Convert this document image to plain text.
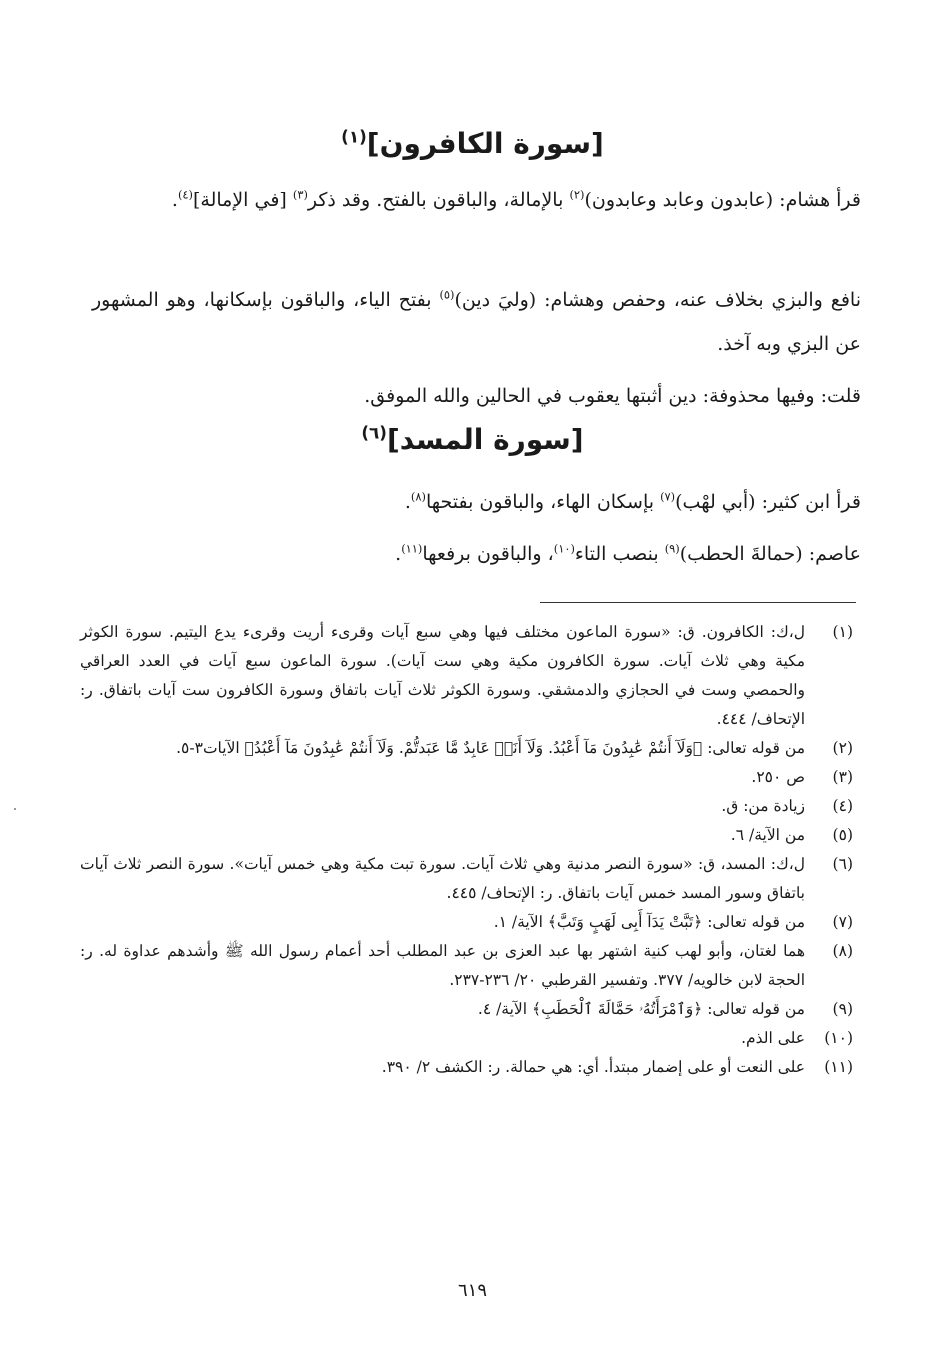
[سورة الكافرون]$^{(١)}$
قرأ هشام: (عابدون وعابد وعابدون)$^{(٢)}$ بالإمالة، والباقون بالفتح. وقد ذكر$^{(٣)}$ [في الإمالة]$^{(٤)}$.
نافع والبزي بخلاف عنه، وحفص وهشام: (وليَ دين)$^{(٥)}$ بفتح الياء، والباقون بإسكانها، وهو المشهور عن البزي وبه آخذ.
قلت: وفيها محذوفة: دين أثبتها يعقوب في الحالين والله الموفق.
[سورة المسد]$^{(٦)}$
قرأ ابن كثير: (أبي لهْب)$^{(٧)}$ بإسكان الهاء، والباقون بفتحها$^{(٨)}$.
عاصم: (حمالةَ الحطب)$^{(٩)}$ بنصب التاء$^{(١٠)}$، والباقون برفعها$^{(١١)}$.
(١)
ل،ك: الكافرون. ق: «سورة الماعون مختلف فيها وهي سبع آيات وقرىء أريت وقرىء يدع اليتيم. سورة الكوثر مكية وهي ثلاث آيات. سورة الكافرون مكية وهي ست آيات). سورة الماعون سبع آيات في العدد العراقي والحمصي وست في الحجازي والدمشقي. وسورة الكوثر ثلاث آيات باتفاق وسورة الكافرون ست آيات باتفاق. ر: الإتحاف/ ٤٤٤.
(٢)
من قوله تعالى: ﴿وَلَآ أَنتُمْ عَٰبِدُونَ مَآ أَعْبُدُ. وَلَآ أَنَا۠ عَابِدٌ مَّا عَبَدتُّمْ. وَلَآ أَنتُمْ عَٰبِدُونَ مَآ أَعْبُدُ﴾ الآيات٣-٥.
(٣)
ص ٢٥٠.
(٤)
زيادة من: ق.
(٥)
من الآية/ ٦.
(٦)
ل،ك: المسد، ق: «سورة النصر مدنية وهي ثلاث آيات. سورة تبت مكية وهي خمس آيات». سورة النصر ثلاث آيات باتفاق وسور المسد خمس آيات باتفاق. ر: الإتحاف/ ٤٤٥.
(٧)
من قوله تعالى: ﴿تَبَّتْ يَدَآ أَبِى لَهَبٍ وَتَبَّ﴾ الآية/ ١.
(٨)
هما لغتان، وأبو لهب كنية اشتهر بها عبد العزى بن عبد المطلب أحد أعمام رسول الله ﷺ وأشدهم عداوة له. ر: الحجة لابن خالويه/ ٣٧٧. وتفسير القرطبي ٢٠/ ٢٣٦-٢٣٧.
(٩)
من قوله تعالى: ﴿وَٱمْرَأَتُهُۥ حَمَّالَةَ ٱلْحَطَبِ﴾ الآية/ ٤.
(١٠)
على الذم.
(١١)
على النعت أو على إضمار مبتدأ. أي: هي حمالة. ر: الكشف ٢/ ٣٩٠.
٦١٩
